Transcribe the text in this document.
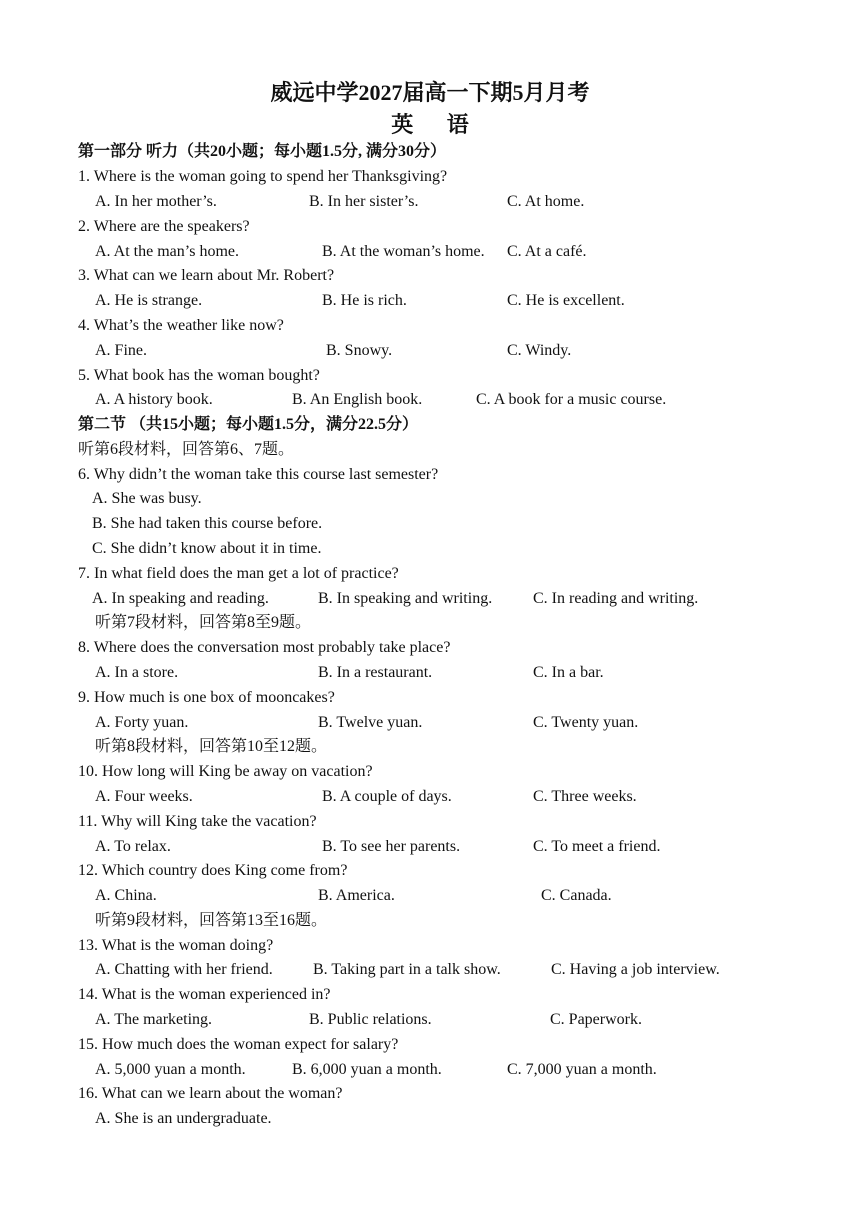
威远中学2027届高一下期5月月考
英 语
第一部分 听力（共20小题；每小题1.5分, 满分30分）
1. Where is the woman going to spend her Thanksgiving?
A. In her mother’s.	B. In her sister’s.	C. At home.
2. Where are the speakers?
A. At the man’s home.	B. At the woman’s home. C. At a café.
3. What can we learn about Mr. Robert?
A. He is strange.	B. He is rich.	C. He is excellent.
4. What’s the weather like now?
A. Fine.	B. Snowy.	C. Windy.
5. What book has the woman bought?
A. A history book.	B. An English book.	C. A book for a music course.
第二节 （共15小题；每小题1.5分，满分22.5分）
听第6段材料，回答第6、7题。
6. Why didn’t the woman take this course last semester?
A. She was busy.
B. She had taken this course before.
C. She didn’t know about it in time.
7. In what field does the man get a lot of practice?
A. In speaking and reading.	B. In speaking and writing.	C. In reading and writing.
听第7段材料，回答第8至9题。
8. Where does the conversation most probably take place?
A. In a store.	B. In a restaurant.	C. In a bar.
9. How much is one box of mooncakes?
A. Forty yuan.	B. Twelve yuan.	C. Twenty yuan.
听第8段材料，回答第10至12题。
10. How long will King be away on vacation?
A. Four weeks.	B. A couple of days.	C. Three weeks.
11. Why will King take the vacation?
A. To relax.	B. To see her parents.	C. To meet a friend.
12. Which country does King come from?
A. China.	B. America.	C. Canada.
听第9段材料，回答第13至16题。
13. What is the woman doing?
A. Chatting with her friend.	B. Taking part in a talk show.	C. Having a job interview.
14. What is the woman experienced in?
A. The marketing.	B. Public relations.	C. Paperwork.
15. How much does the woman expect for salary?
A. 5,000 yuan a month.	B. 6,000 yuan a month.	C. 7,000 yuan a month.
16. What can we learn about the woman?
A. She is an undergraduate.
